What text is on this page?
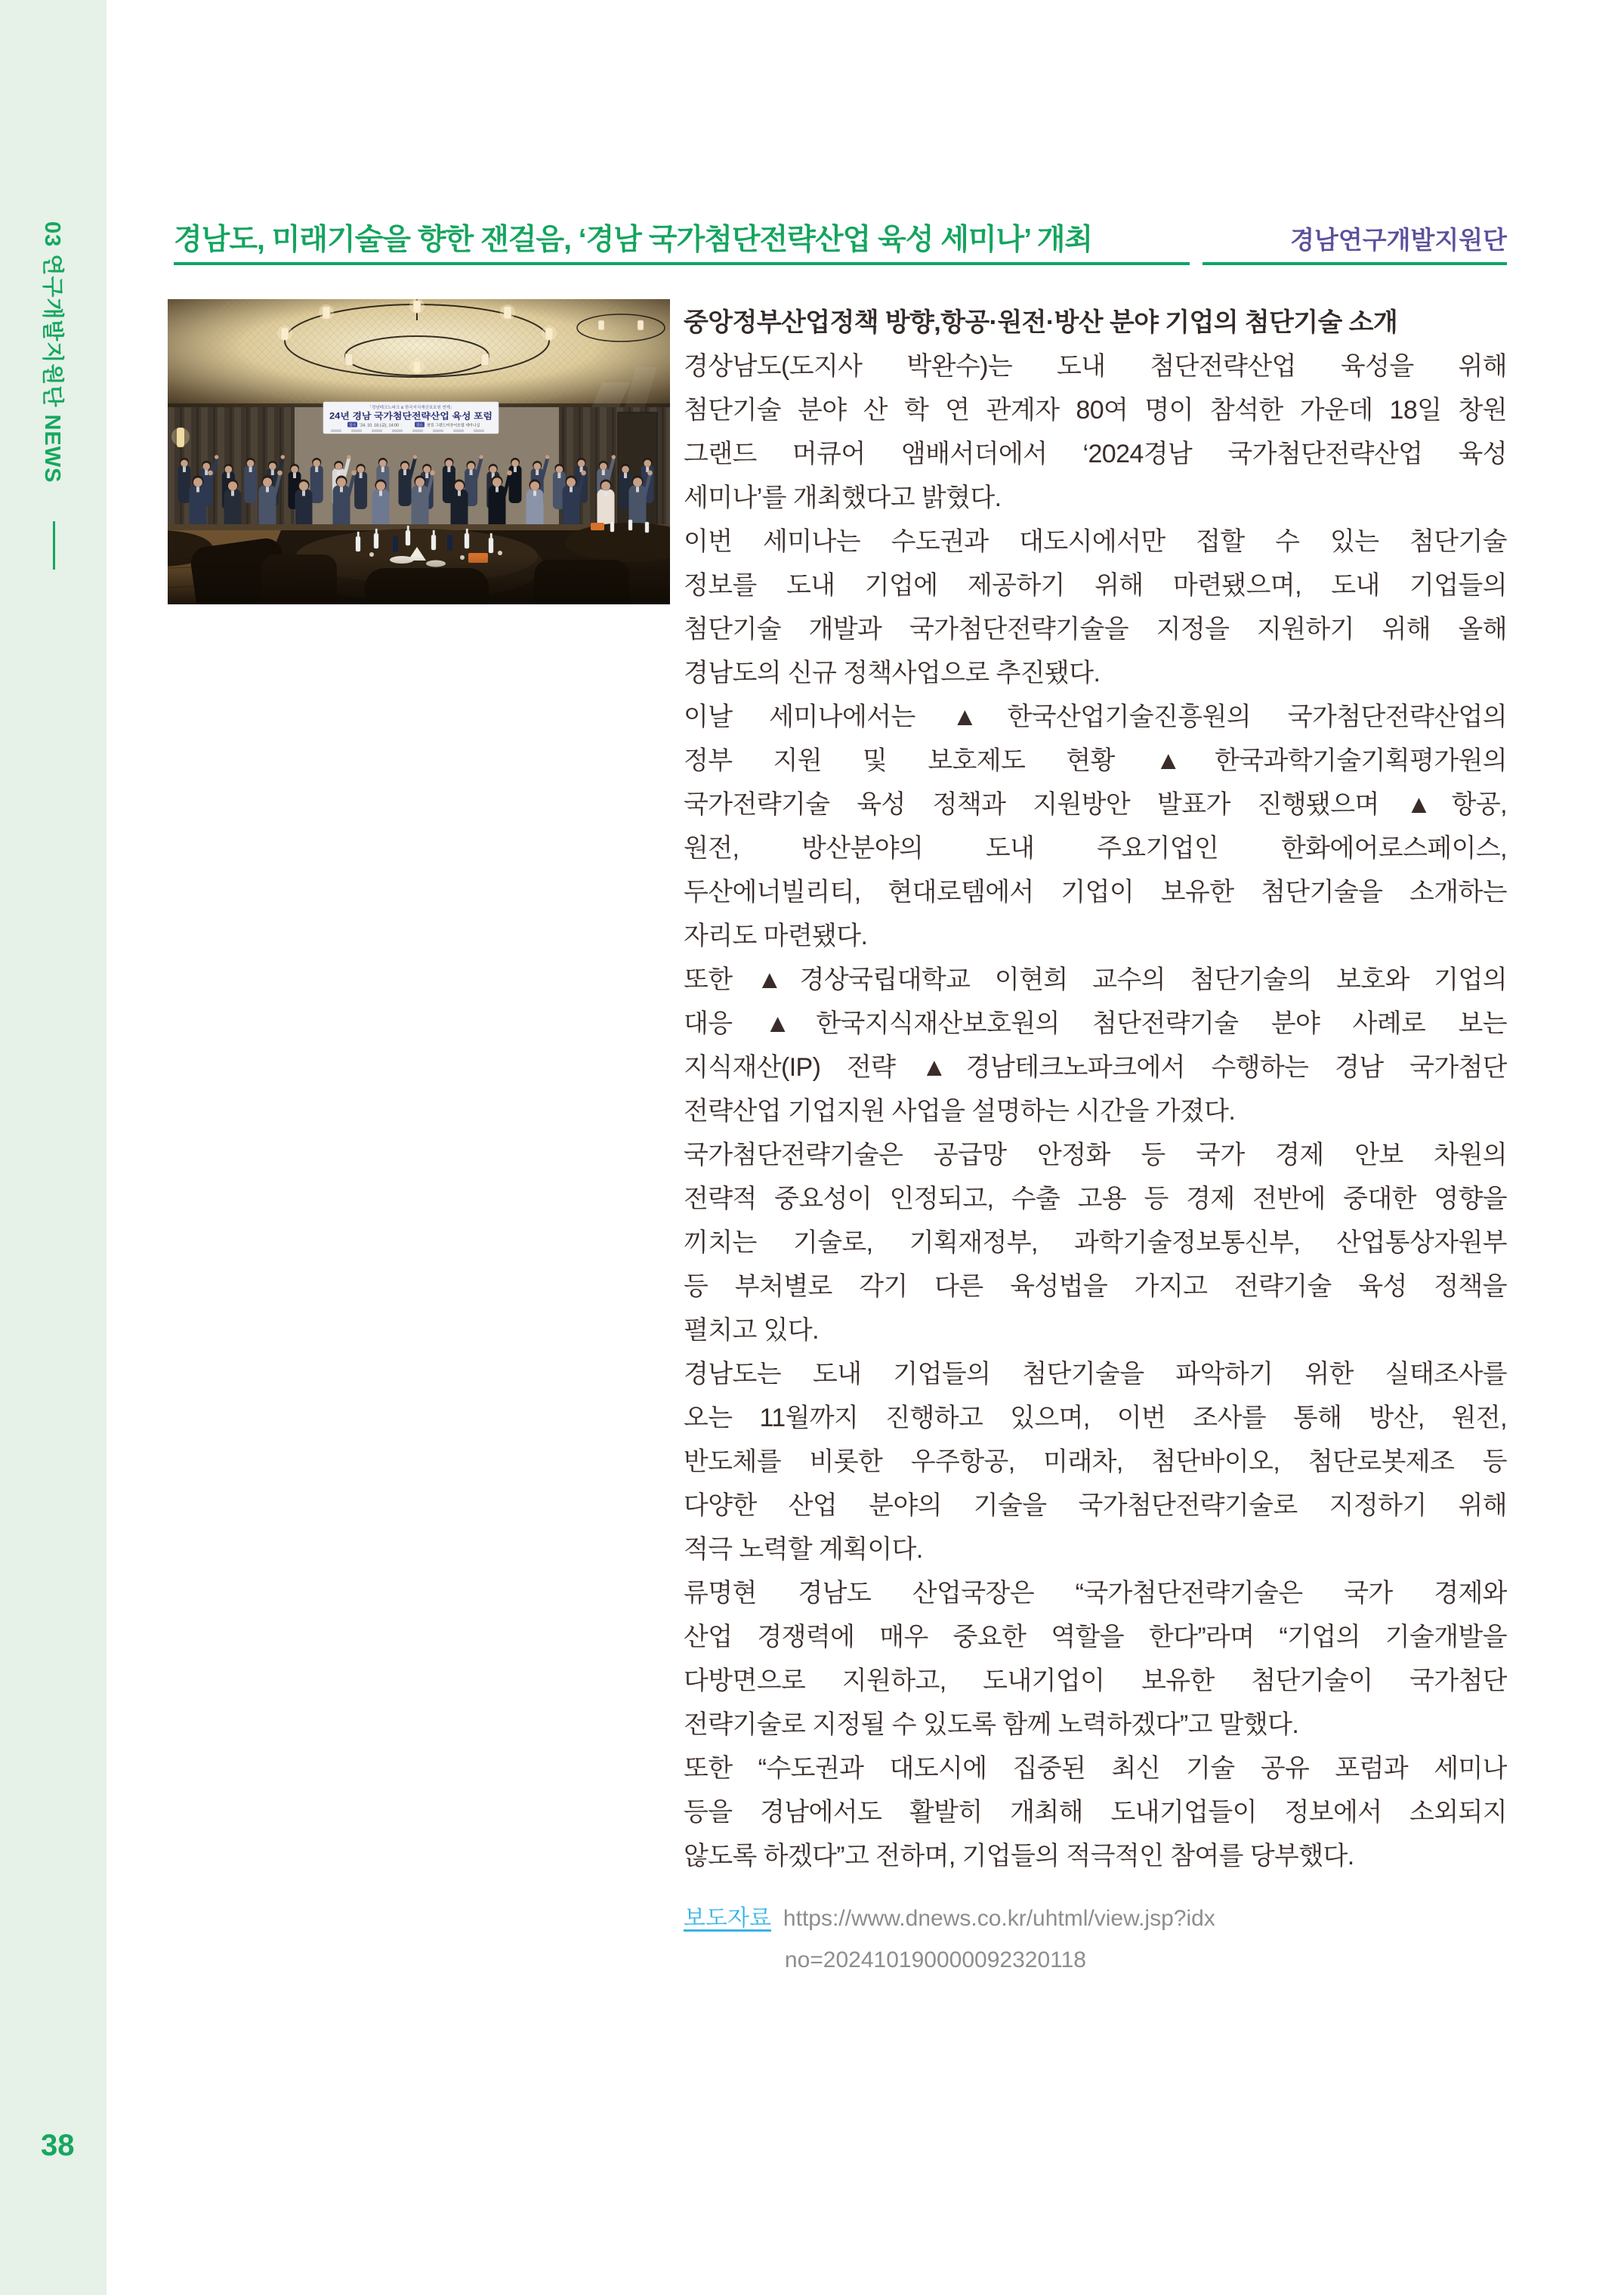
03 연구개발지원단 NEWS
38
경남도, 미래기술을 향한 잰걸음, ‘경남 국가첨단전략산업 육성 세미나’ 개최	경남연구개발지원단
「경남테크노파크 & 한국지식재산보호원 연계」
24년 경남 국가첨단전략산업 육성 포럼
일시 ’24. 10. 18.(금), 14:00	장소 창원 그랜드머큐어호텔 세미나실
중앙정부산업정책 방향,항공·원전·방산 분야 기업의 첨단기술 소개
경상남도(도지사 박완수)는 도내 첨단전략산업 육성을 위해
첨단기술 분야 산 학 연 관계자 80여 명이 참석한 가운데 18일 창원
그랜드 머큐어 앰배서더에서 ‘2024경남 국가첨단전략산업 육성
세미나’를 개최했다고 밝혔다.
이번 세미나는 수도권과 대도시에서만 접할 수 있는 첨단기술
정보를 도내 기업에 제공하기 위해 마련됐으며, 도내 기업들의
첨단기술 개발과 국가첨단전략기술을 지정을 지원하기 위해 올해
경남도의 신규 정책사업으로 추진됐다.
이날 세미나에서는 ▲한국산업기술진흥원의 국가첨단전략산업의
정부 지원 및 보호제도 현황 ▲한국과학기술기획평가원의
국가전략기술 육성 정책과 지원방안 발표가 진행됐으며 ▲항공,
원전, 방산분야의 도내 주요기업인 한화에어로스페이스,
두산에너빌리티, 현대로템에서 기업이 보유한 첨단기술을 소개하는
자리도 마련됐다.
또한 ▲경상국립대학교 이현희 교수의 첨단기술의 보호와 기업의
대응 ▲한국지식재산보호원의 첨단전략기술 분야 사례로 보는
지식재산(IP) 전략 ▲경남테크노파크에서 수행하는 경남 국가첨단
전략산업 기업지원 사업을 설명하는 시간을 가졌다.
국가첨단전략기술은 공급망 안정화 등 국가 경제 안보 차원의
전략적 중요성이 인정되고, 수출 고용 등 경제 전반에 중대한 영향을
끼치는 기술로, 기획재정부, 과학기술정보통신부, 산업통상자원부
등 부처별로 각기 다른 육성법을 가지고 전략기술 육성 정책을
펼치고 있다.
경남도는 도내 기업들의 첨단기술을 파악하기 위한 실태조사를
오는 11월까지 진행하고 있으며, 이번 조사를 통해 방산, 원전,
반도체를 비롯한 우주항공, 미래차, 첨단바이오, 첨단로봇제조 등
다양한 산업 분야의 기술을 국가첨단전략기술로 지정하기 위해
적극 노력할 계획이다.
류명현 경남도 산업국장은 “국가첨단전략기술은 국가 경제와
산업 경쟁력에 매우 중요한 역할을 한다”라며 “기업의 기술개발을
다방면으로 지원하고, 도내기업이 보유한 첨단기술이 국가첨단
전략기술로 지정될 수 있도록 함께 노력하겠다”고 말했다.
또한 “수도권과 대도시에 집중된 최신 기술 공유 포럼과 세미나
등을 경남에서도 활발히 개최해 도내기업들이 정보에서 소외되지
않도록 하겠다”고 전하며, 기업들의 적극적인 참여를 당부했다.
보도자료 https://www.dnews.co.kr/uhtml/view.jsp?idx
no=202410190000092320118
